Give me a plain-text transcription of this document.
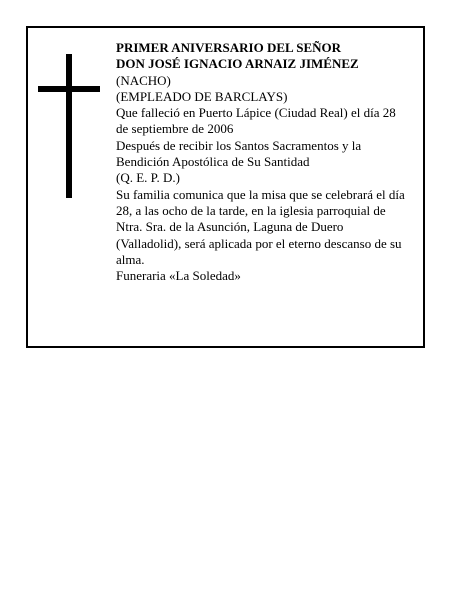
PRIMER ANIVERSARIO DEL SEÑOR
DON JOSÉ IGNACIO ARNAIZ JIMÉNEZ
(NACHO)
(EMPLEADO DE BARCLAYS)
Que falleció en Puerto Lápice (Ciudad Real) el día 28
de septiembre de 2006
Después de recibir los Santos Sacramentos y la
Bendición Apostólica de Su Santidad
(Q. E. P. D.)
Su familia comunica que la misa que se celebrará el día
28, a las ocho de la tarde, en la iglesia parroquial de
Ntra. Sra. de la Asunción, Laguna de Duero
(Valladolid), será aplicada por el eterno descanso de su
alma.
Funeraria «La Soledad»
